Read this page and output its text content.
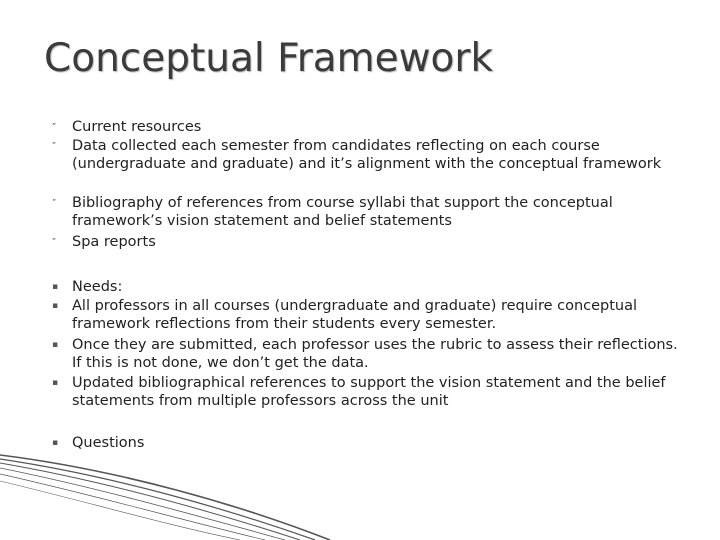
Conceptual Framework
” Current resources
” Data collected each semester from candidates reflecting on each course (undergraduate and graduate) and it’s alignment with the conceptual framework
” Bibliography of references from course syllabi that support the conceptual framework’s vision statement and belief statements
” Spa reports
▪ Needs:
▪ All professors in all courses (undergraduate and graduate) require conceptual framework reflections from their students every semester.
▪ Once they are submitted, each professor uses the rubric to assess their reflections. If this is not done, we don’t get the data.
▪ Updated bibliographical references to support the vision statement and the belief statements from multiple professors across the unit
▪ Questions
